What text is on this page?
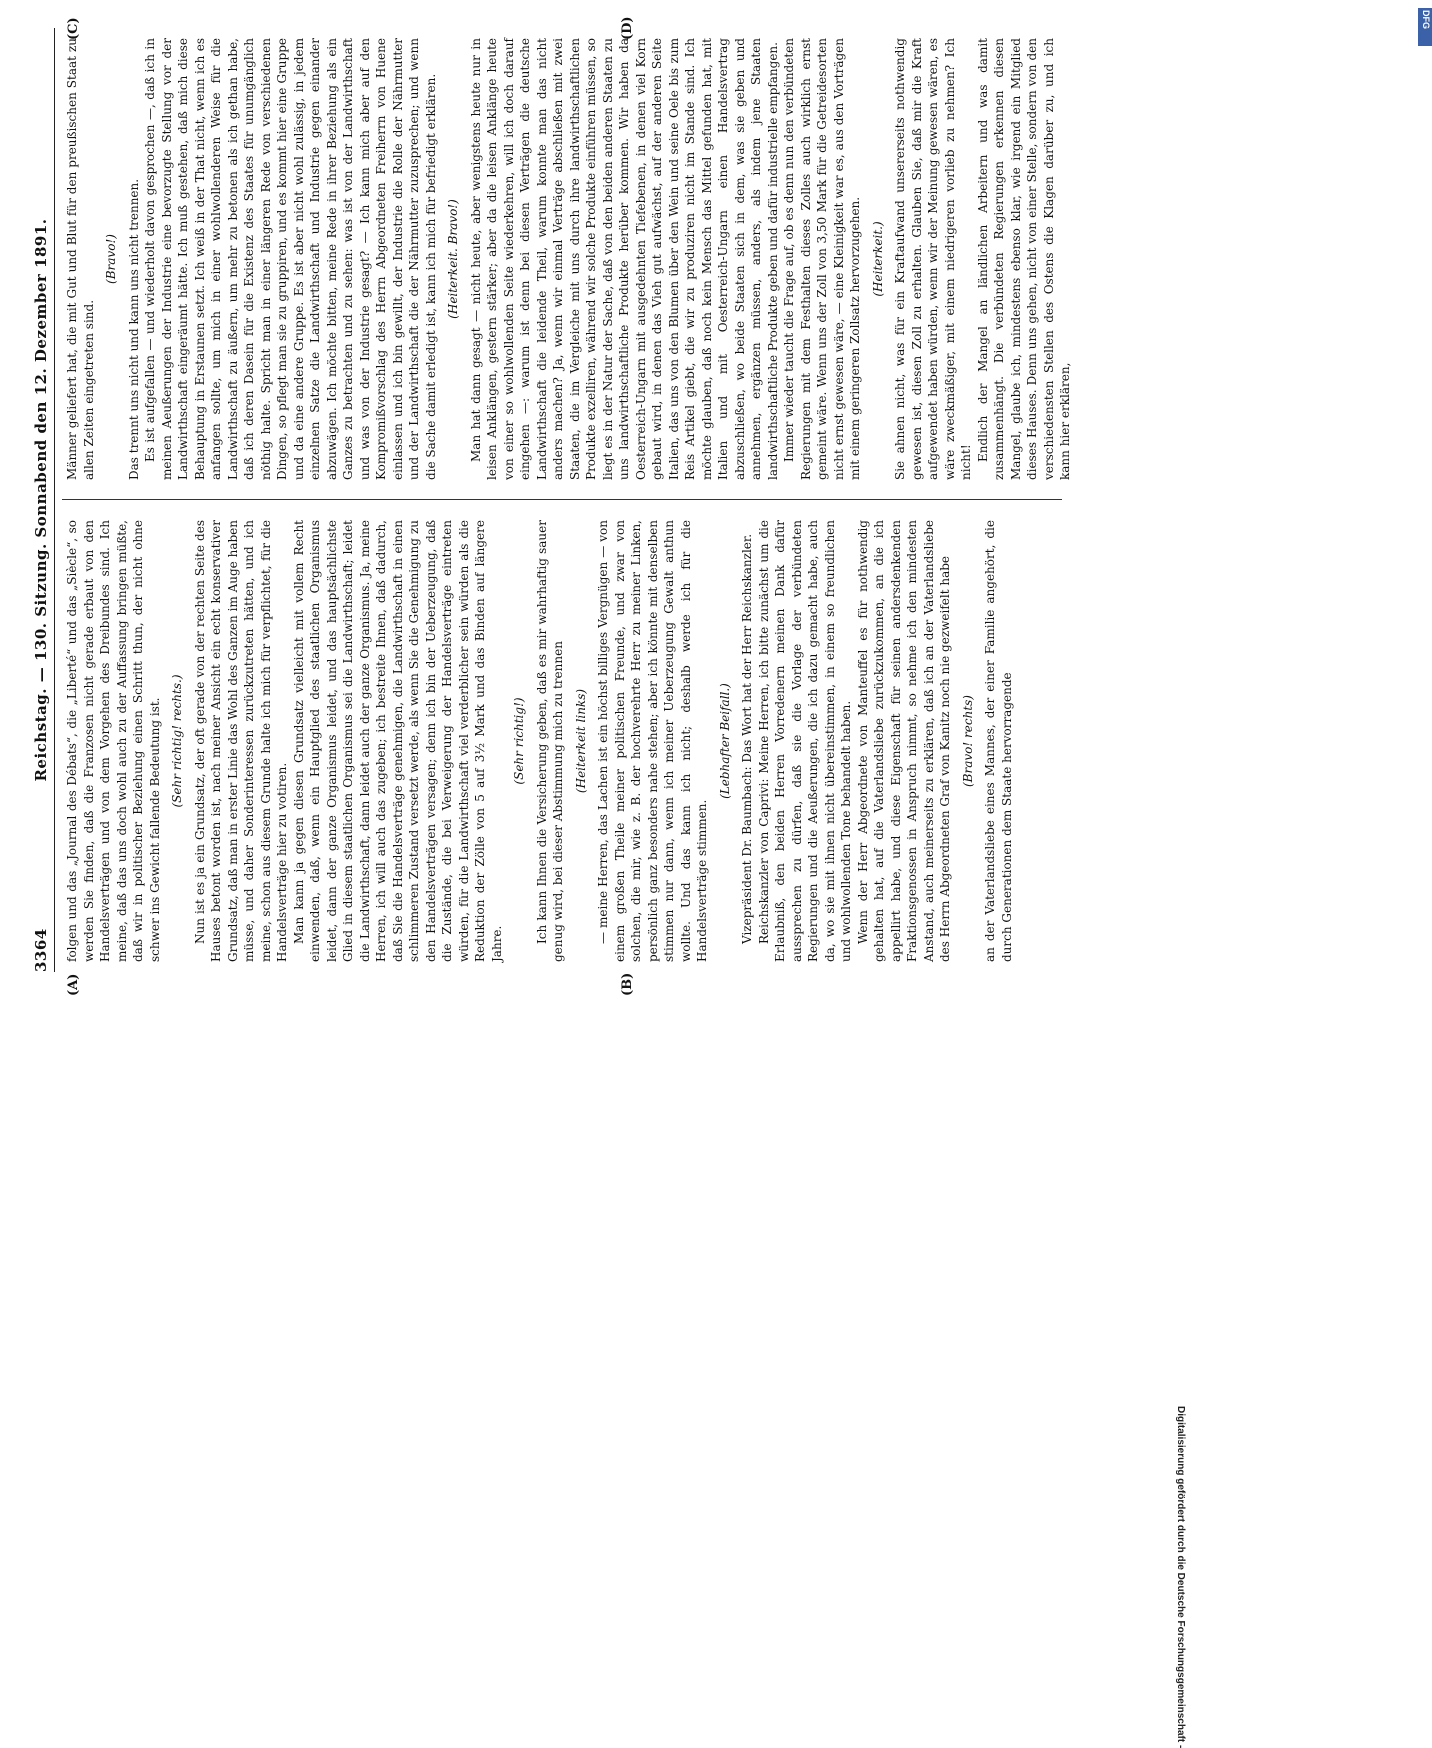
3364
Reichstag. — 130. Sitzung. Sonnabend den 12. Dezember 1891.
(A)	(B)
(C)	(D)

folgen und das „Journal des Débats“, die „Liberté“ und das „Siècle“, so werden Sie finden, daß die Franzosen nicht gerade erbaut von den Handelsverträgen und von dem Vorgehen des Dreibundes sind. Ich meine, daß das uns doch wohl auch zu der Auffassung bringen müßte, daß wir in politischer Beziehung einen Schritt thun, der nicht ohne schwer ins Gewicht fallende Bedeutung ist. (Sehr richtig! rechts.) Nun ist es ja ein Grundsatz, der oft gerade von der rechten Seite des Hauses betont worden ist, nach meiner Ansicht ein echt konservativer Grundsatz, daß man in erster Linie das Wohl des Ganzen im Auge haben müsse, und daher Sonderinteressen zurückzutreten hätten, und ich meine, schon aus diesem Grunde halte ich mich für verpflichtet, für die Handelsverträge hier zu votiren. Man kann ja gegen diesen Grundsatz vielleicht mit vollem Recht einwenden, daß, wenn ein Hauptglied des staatlichen Organismus leidet, dann der ganze Organismus leidet, und das hauptsächlichste Glied in diesem staatlichen Organismus sei die Landwirthschaft; leidet die Landwirthschaft, dann leidet auch der ganze Organismus. Ja, meine Herren, ich will auch das zugeben; ich bestreite Ihnen, daß dadurch, daß Sie die Handelsverträge genehmigen, die Landwirthschaft in einen schlimmeren Zustand versetzt werde, als wenn Sie die Genehmigung zu den Handelsverträgen versagen; denn ich bin der Ueberzeugung, daß die Zustände, die bei Verweigerung der Handelsverträge eintreten würden, für die Landwirthschaft viel verderblicher sein würden als die Reduktion der Zölle von 5 auf 3½ Mark und das Binden auf längere Jahre.

(Sehr richtig!) Ich kann Ihnen die Versicherung geben, daß es mir wahrhaftig sauer genug wird, bei dieser Abstimmung mich zu trennen (Heiterkeit links) — meine Herren, das Lachen ist ein höchst billiges Vergnügen — von einem großen Theile meiner politischen Freunde, und zwar von solchen, die mir, wie z. B. der hochverehrte Herr zu meiner Linken, persönlich ganz besonders nahe stehen; aber ich könnte mit denselben stimmen nur dann, wenn ich meiner Ueberzeugung Gewalt anthun wollte. Und das kann ich nicht; deshalb werde ich für die Handelsverträge stimmen.

(Lebhafter Beifall.) Vizepräsident Dr. Baumbach: Das Wort hat der Herr Reichskanzler. Reichskanzler von Caprivi: Meine Herren, ich bitte zunächst um die Erlaubniß, den beiden Herren Vorredenern meinen Dank dafür aussprechen zu dürfen, daß sie die Vorlage der verbündeten Regierungen und die Aeußerungen, die ich dazu gemacht habe, auch da, wo sie mit ihnen nicht übereinstimmen, in einem so freundlichen und wohlwollenden Tone behandelt haben. Wenn der Herr Abgeordnete von Manteuffel es für nothwendig gehalten hat, auf die Vaterlandsliebe zurückzukommen, an die ich appellirt habe, und diese Eigenschaft für seinen andersdenkenden Fraktionsgenossen in Anspruch nimmt, so nehme ich den mindesten Anstand, auch meinerseits zu erklären, daß ich an der Vaterlandsliebe des Herrn Abgeordneten Graf von Kanitz noch nie gezweifelt habe (Bravo! rechts) an der Vaterlandsliebe eines Mannes, der einer Familie angehört, die durch Generationen dem Staate hervorragende

Männer geliefert hat, die mit Gut und Blut für den preußischen Staat zu allen Zeiten eingetreten sind.

(Bravo!) Das trennt uns nicht und kann uns nicht trennen. Es ist aufgefallen — und wiederholt davon gesprochen —, daß ich in meinen Aeußerungen der Industrie eine bevorzugte Stellung vor der Landwirthschaft eingeräumt hätte. Ich muß gestehen, daß mich diese Behauptung in Erstaunen setzt. Ich weiß in der That nicht, wenn ich es anfangen sollte, um mich in einer wohlwollenderen Weise für die Landwirthschaft zu äußern, um mehr zu betonen als ich gethan habe, daß ich deren Dasein für die Existenz des Staates für unumgänglich nöthig halte. Spricht man in einer längeren Rede von verschiedenen Dingen, so pflegt man sie zu gruppiren, und es kommt hier eine Gruppe und da eine andere Gruppe. Es ist aber nicht wohl zulässig, in jedem einzelnen Satze die Landwirthschaft und Industrie gegen einander abzuwägen. Ich möchte bitten, meine Rede in ihrer Beziehung als ein Ganzes zu betrachten und zu sehen: was ist von der Landwirthschaft und was von der Industrie gesagt? — Ich kann mich aber auf den Kompromißvorschlag des Herrn Abgeordneten Freiherrn von Huene einlassen und ich bin gewillt, der Industrie die Rolle der Nährmutter und der Landwirthschaft die der Nährmutter zuzusprechen; und wenn die Sache damit erledigt ist, kann ich mich für befriedigt erklären. (Heiterkeit. Bravo!) Man hat dann gesagt — nicht heute, aber wenigstens heute nur in leisen Anklängen, gestern stärker; aber da die leisen Anklänge heute von einer so wohlwollenden Seite wiederkehren, will ich doch darauf eingehen —: warum ist denn bei diesen Verträgen die deutsche Landwirthschaft die leidende Theil, warum konnte man das nicht anders machen? Ja, wenn wir einmal Verträge abschließen mit zwei Staaten, die im Vergleiche mit uns durch ihre landwirthschaftlichen Produkte exzelliren, während wir solche Produkte einführen müssen, so liegt es in der Natur der Sache, daß von den beiden anderen Staaten zu uns landwirthschaftliche Produkte herüber kommen. Wir haben da Oesterreich-Ungarn mit ausgedehnten Tiefebenen, in denen viel Korn gebaut wird, in denen das Vieh gut aufwächst, auf der anderen Seite Italien, das uns von den Blumen über den Wein und seine Oele bis zum Reis Artikel giebt, die wir zu produziren nicht im Stande sind. Ich möchte glauben, daß noch kein Mensch das Mittel gefunden hat, mit Italien und mit Oesterreich-Ungarn einen Handelsvertrag abzuschließen, wo beide Staaten sich in dem, was sie geben und annehmen, ergänzen müssen, anders, als indem jene Staaten landwirthschaftliche Produkte geben und dafür industrielle empfangen. Immer wieder taucht die Frage auf, ob es denn nun den verbündeten Regierungen mit dem Festhalten dieses Zolles auch wirklich ernst gemeint wäre. Wenn uns der Zoll von 3,50 Mark für die Getreidesorten nicht ernst gewesen wäre, — eine Kleinigkeit war es, aus den Vorträgen mit einem geringeren Zollsatz hervorzugehen. (Heiterkeit.) Sie ahnen nicht, was für ein Kraftaufwand unsererseits nothwendig gewesen ist, diesen Zoll zu erhalten. Glauben Sie, daß mir die Kraft aufgewendet haben würden, wenn wir der Meinung gewesen wären, es wäre zweckmäßiger, mit einem niedrigeren vorlieb zu nehmen? Ich nicht!

Endlich der Mangel an ländlichen Arbeitern und was damit zusammenhängt. Die verbündeten Regierungen erkennen diesen Mangel, glaube ich, mindestens ebenso klar, wie irgend ein Mitglied dieses Hauses. Denn uns gehen, nicht von einer Stelle, sondern von den verschiedensten Stellen des Ostens die Klagen darüber zu, und ich kann hier erklären,

Digitalisierung gefördert durch die Deutsche Forschungsgemeinschaft -
DFG
